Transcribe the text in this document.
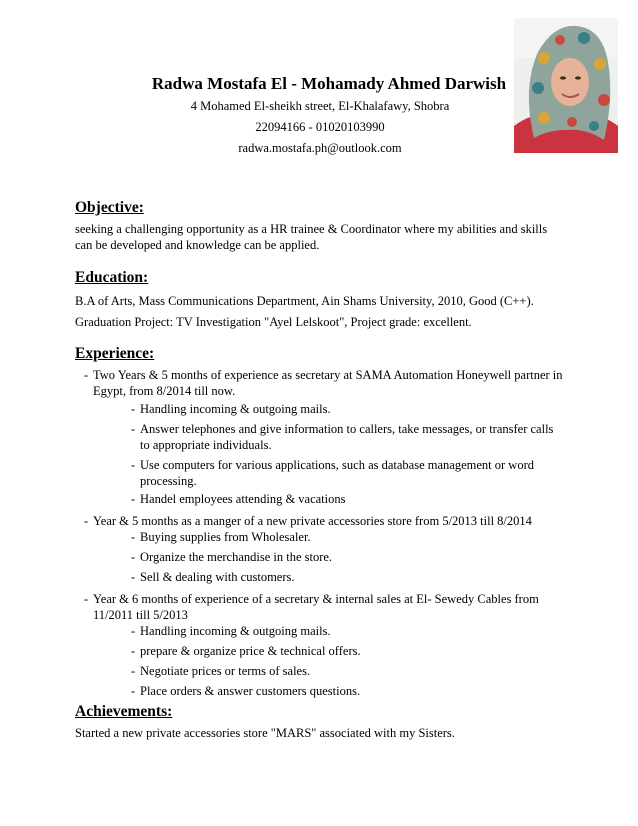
Radwa Mostafa El - Mohamady Ahmed Darwish
4 Mohamed El-sheikh street, El-Khalafawy, Shobra
22094166 - 01020103990
radwa.mostafa.ph@outlook.com
Objective:

seeking a challenging opportunity as a HR trainee & Coordinator where my abilities and skills can be developed and knowledge can be applied.

Education:

B.A of Arts, Mass Communications Department, Ain Shams University, 2010, Good (C++).

Graduation Project: TV Investigation "Ayel Lelskoot", Project grade: excellent.

Experience:
- Two Years & 5 months of experience as secretary at SAMA Automation Honeywell partner in Egypt, from 8/2014 till now.
- Handling incoming & outgoing mails.
- Answer telephones and give information to callers, take messages, or transfer calls to appropriate individuals.
- Use computers for various applications, such as database management or word processing.
- Handel employees attending & vacations
- Year & 5 months as a manger of a new private accessories store from 5/2013 till 8/2014
- Buying supplies from Wholesaler.
- Organize the merchandise in the store.
- Sell & dealing with customers.
- Year & 6 months of experience of a secretary & internal sales at El- Sewedy Cables from 11/2011 till 5/2013
- Handling incoming & outgoing mails.
- prepare & organize price & technical offers.
- Negotiate prices or terms of sales.
- Place orders & answer customers questions.
Achievements:

Started a new private accessories store "MARS" associated with my Sisters.
